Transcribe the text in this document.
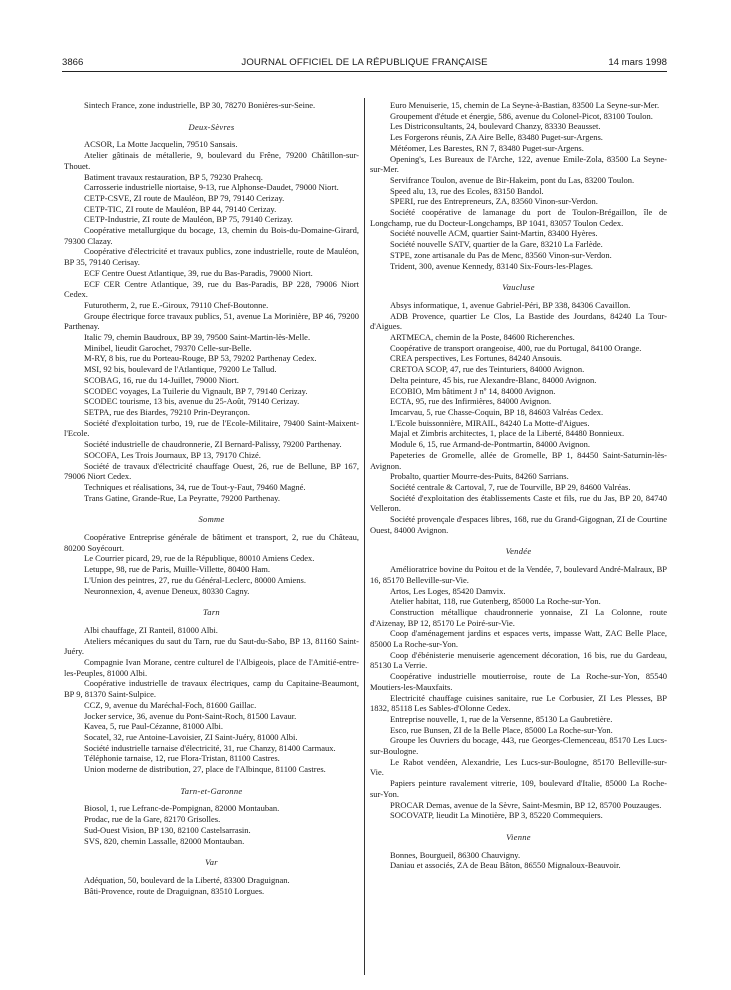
3866	JOURNAL OFFICIEL DE LA RÉPUBLIQUE FRANÇAISE	14 mars 1998

Sintech France, zone industrielle, BP 30, 78270 Bonières-sur-Seine.

Deux-Sèvres

ACSOR, La Motte Jacquelin, 79510 Sansais.

Atelier gâtinais de métallerie, 9, boulevard du Frêne, 79200 Châtillon-sur-Thouet.

Batiment travaux restauration, BP 5, 79230 Prahecq.

Carrosserie industrielle niortaise, 9-13, rue Alphonse-Daudet, 79000 Niort.

CETP-CSVE, ZI route de Mauléon, BP 79, 79140 Cerizay.

CETP-TIC, ZI route de Mauléon, BP 44, 79140 Cerizay.

CETP-Industrie, ZI route de Mauléon, BP 75, 79140 Cerizay.

Coopérative metallurgique du bocage, 13, chemin du Bois-du-Domaine-Girard, 79300 Clazay.

Coopérative d'électricité et travaux publics, zone industrielle, route de Mauléon, BP 35, 79140 Cerisay.

ECF Centre Ouest Atlantique, 39, rue du Bas-Paradis, 79000 Niort.

ECF CER Centre Atlantique, 39, rue du Bas-Paradis, BP 228, 79006 Niort Cedex.

Futurotherm, 2, rue E.-Giroux, 79110 Chef-Boutonne.

Groupe électrique force travaux publics, 51, avenue La Morinière, BP 46, 79200 Parthenay.

Italic 79, chemin Baudroux, BP 39, 79500 Saint-Martin-lès-Melle.

Minibel, lieudit Garochet, 79370 Celle-sur-Belle.

M-RY, 8 bis, rue du Porteau-Rouge, BP 53, 79202 Parthenay Cedex.

MSI, 92 bis, boulevard de l'Atlantique, 79200 Le Tallud.

SCOBAG, 16, rue du 14-Juillet, 79000 Niort.

SCODEC voyages, La Tuilerie du Vignault, BP 7, 79140 Cerizay.

SCODEC tourisme, 13 bis, avenue du 25-Août, 79140 Cerizay.

SETPA, rue des Biardes, 79210 Prin-Deyrançon.

Société d'exploitation turbo, 19, rue de l'Ecole-Militaire, 79400 Saint-Maixent-l'Ecole.

Société industrielle de chaudronnerie, ZI Bernard-Palissy, 79200 Parthenay.

SOCOFA, Les Trois Journaux, BP 13, 79170 Chizé.

Société de travaux d'électricité chauffage Ouest, 26, rue de Bellune, BP 167, 79006 Niort Cedex.

Techniques et réalisations, 34, rue de Tout-y-Faut, 79460 Magné.

Trans Gatine, Grande-Rue, La Peyratte, 79200 Parthenay.

Somme

Coopérative Entreprise générale de bâtiment et transport, 2, rue du Château, 80200 Soyécourt.

Le Courrier picard, 29, rue de la République, 80010 Amiens Cedex.

Letuppe, 98, rue de Paris, Muille-Villette, 80400 Ham.

L'Union des peintres, 27, rue du Général-Leclerc, 80000 Amiens.

Neuronnexion, 4, avenue Deneux, 80330 Cagny.

Tarn

Albi chauffage, ZI Ranteil, 81000 Albi.

Ateliers mécaniques du saut du Tarn, rue du Saut-du-Sabo, BP 13, 81160 Saint-Juéry.

Compagnie Ivan Morane, centre culturel de l'Albigeois, place de l'Amitié-entre-les-Peuples, 81000 Albi.

Coopérative industrielle de travaux électriques, camp du Capitaine-Beaumont, BP 9, 81370 Saint-Sulpice.

CCZ, 9, avenue du Maréchal-Foch, 81600 Gaillac.

Jocker service, 36, avenue du Pont-Saint-Roch, 81500 Lavaur.

Kavea, 5, rue Paul-Cézanne, 81000 Albi.

Socatel, 32, rue Antoine-Lavoisier, ZI Saint-Juéry, 81000 Albi.

Société industrielle tarnaise d'électricité, 31, rue Chanzy, 81400 Carmaux.

Téléphonie tarnaise, 12, rue Flora-Tristan, 81100 Castres.

Union moderne de distribution, 27, place de l'Albinque, 81100 Castres.

Tarn-et-Garonne

Biosol, 1, rue Lefranc-de-Pompignan, 82000 Montauban.

Prodac, rue de la Gare, 82170 Grisolles.

Sud-Ouest Vision, BP 130, 82100 Castelsarrasin.

SVS, 820, chemin Lassalle, 82000 Montauban.

Var

Adéquation, 50, boulevard de la Liberté, 83300 Draguignan.

Bâti-Provence, route de Draguignan, 83510 Lorgues.

Euro Menuiserie, 15, chemin de La Seyne-à-Bastian, 83500 La Seyne-sur-Mer.

Groupement d'étude et énergie, 586, avenue du Colonel-Picot, 83100 Toulon.

Les Districonsultants, 24, boulevard Chanzy, 83330 Beausset.

Les Forgerons réunis, ZA Aire Belle, 83480 Puget-sur-Argens.

Météomer, Les Barestes, RN 7, 83480 Puget-sur-Argens.

Opening's, Les Bureaux de l'Arche, 122, avenue Emile-Zola, 83500 La Seyne-sur-Mer.

Servifrance Toulon, avenue de Bir-Hakeim, pont du Las, 83200 Toulon.

Speed alu, 13, rue des Ecoles, 83150 Bandol.

SPERI, rue des Entrepreneurs, ZA, 83560 Vinon-sur-Verdon.

Société coopérative de lamanage du port de Toulon-Brégaillon, île de Longchamp, rue du Docteur-Longchamps, BP 1041, 83057 Toulon Cedex.

Société nouvelle ACM, quartier Saint-Martin, 83400 Hyères.

Société nouvelle SATV, quartier de la Gare, 83210 La Farlède.

STPE, zone artisanale du Pas de Menc, 83560 Vinon-sur-Verdon.

Trident, 300, avenue Kennedy, 83140 Six-Fours-les-Plages.

Vaucluse

Absys informatique, 1, avenue Gabriel-Péri, BP 338, 84306 Cavaillon.

ADB Provence, quartier Le Clos, La Bastide des Jourdans, 84240 La Tour-d'Aigues.

ARTMECA, chemin de la Poste, 84600 Richerenches.

Coopérative de transport orangeoise, 400, rue du Portugal, 84100 Orange.

CREA perspectives, Les Fortunes, 84240 Ansouis.

CRETOA SCOP, 47, rue des Teinturiers, 84000 Avignon.

Delta peinture, 45 bis, rue Alexandre-Blanc, 84000 Avignon.

ECOBIO, Mm bâtiment J nº 14, 84000 Avignon.

ECTA, 95, rue des Infirmières, 84000 Avignon.

Imcarvau, 5, rue Chasse-Coquin, BP 18, 84603 Valréas Cedex.

L'Ecole buissonnière, MIRAIL, 84240 La Motte-d'Aigues.

Majal et Zimbris architectes, 1, place de la Liberté, 84480 Bonnieux.

Module 6, 15, rue Armand-de-Pontmartin, 84000 Avignon.

Papeteries de Gromelle, allée de Gromelle, BP 1, 84450 Saint-Saturnin-lès-Avignon.

Probalto, quartier Mourre-des-Puits, 84260 Sarrians.

Société centrale & Cartoval, 7, rue de Tourville, BP 29, 84600 Valréas.

Société d'exploitation des établissements Caste et fils, rue du Jas, BP 20, 84740 Velleron.

Société provençale d'espaces libres, 168, rue du Grand-Gigognan, ZI de Courtine Ouest, 84000 Avignon.

Vendée

Amélioratrice bovine du Poitou et de la Vendée, 7, boulevard André-Malraux, BP 16, 85170 Belleville-sur-Vie.

Artos, Les Loges, 85420 Damvix.

Atelier habitat, 118, rue Gutenberg, 85000 La Roche-sur-Yon.

Construction métallique chaudronnerie yonnaise, ZI La Colonne, route d'Aizenay, BP 12, 85170 Le Poiré-sur-Vie.

Coop d'aménagement jardins et espaces verts, impasse Watt, ZAC Belle Place, 85000 La Roche-sur-Yon.

Coop d'ébénisterie menuiserie agencement décoration, 16 bis, rue du Gardeau, 85130 La Verrie.

Coopérative industrielle moutierroise, route de La Roche-sur-Yon, 85540 Moutiers-les-Mauxfaits.

Electricité chauffage cuisines sanitaire, rue Le Corbusier, ZI Les Plesses, BP 1832, 85118 Les Sables-d'Olonne Cedex.

Entreprise nouvelle, 1, rue de la Versenne, 85130 La Gaubretière.

Esco, rue Bunsen, ZI de la Belle Place, 85000 La Roche-sur-Yon.

Groupe les Ouvriers du bocage, 443, rue Georges-Clemenceau, 85170 Les Lucs-sur-Boulogne.

Le Rabot vendéen, Alexandrie, Les Lucs-sur-Boulogne, 85170 Belleville-sur-Vie.

Papiers peinture ravalement vitrerie, 109, boulevard d'Italie, 85000 La Roche-sur-Yon.

PROCAR Demas, avenue de la Sèvre, Saint-Mesmin, BP 12, 85700 Pouzauges.

SOCOVATP, lieudit La Minotière, BP 3, 85220 Commequiers.

Vienne

Bonnes, Bourgueil, 86300 Chauvigny.

Daniau et associés, ZA de Beau Bâton, 86550 Mignaloux-Beauvoir.
